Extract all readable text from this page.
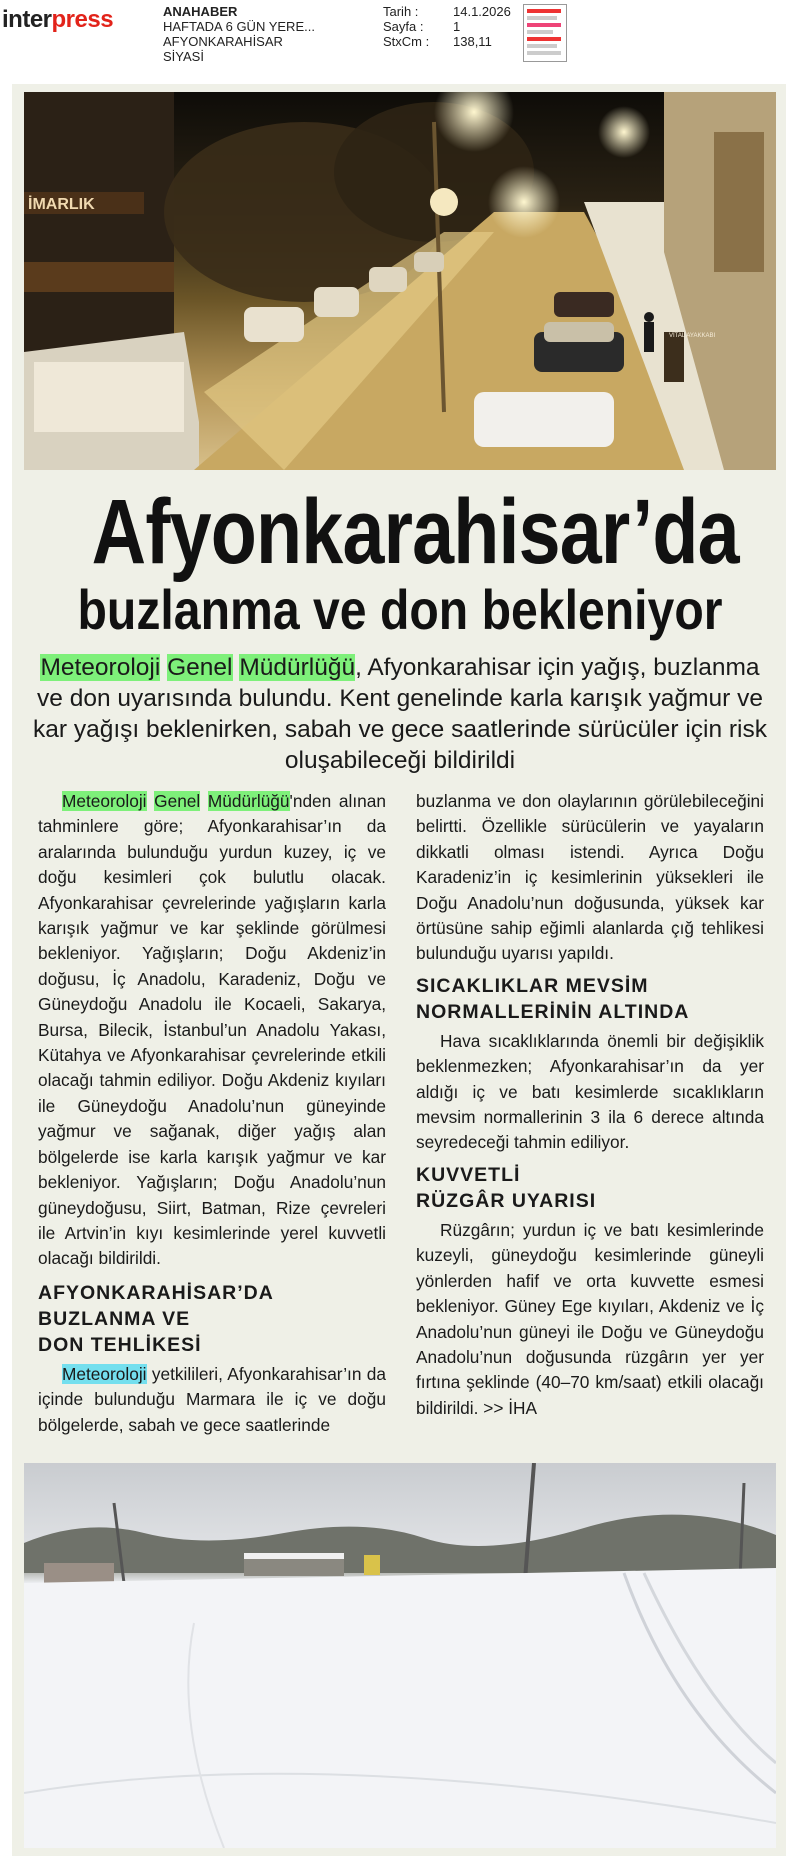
interpress	ANAHABER
HAFTADA 6 GÜN YERE...
AFYONKARAHİSAR
SİYASİ
Tarih :	14.1.2026
Sayfa :	1
StxCm :	138,11
İMARLIK
VİTAL AYAKKABI
Afyonkarahisar’da
buzlanma ve don bekleniyor
Meteoroloji Genel Müdürlüğü, Afyonkarahisar için yağış, buzlanma ve don uyarısında bulundu. Kent genelinde karla karışık yağmur ve kar yağışı beklenirken, sabah ve gece saatlerinde sürücüler için risk oluşabileceği bildirildi

Meteoroloji Genel Müdürlüğü'nden alınan tahminlere göre; Afyonkarahisar’ın da aralarında bulunduğu yurdun kuzey, iç ve doğu kesimleri çok bulutlu olacak. Afyonkarahisar çevrelerinde yağışların karla karışık yağmur ve kar şeklinde görülmesi bekleniyor. Yağışların; Doğu Akdeniz’in doğusu, İç Anadolu, Karadeniz, Doğu ve Güneydoğu Anadolu ile Kocaeli, Sakarya, Bursa, Bilecik, İstanbul’un Anadolu Yakası, Kütahya ve Afyonkarahisar çevrelerinde etkili olacağı tahmin ediliyor. Doğu Akdeniz kıyıları ile Güneydoğu Anadolu’nun güneyinde yağmur ve sağanak, diğer yağış alan bölgelerde ise karla karışık yağmur ve kar bekleniyor. Yağışların; Doğu Anadolu’nun güneydoğusu, Siirt, Batman, Rize çevreleri ile Artvin’in kıyı kesimlerinde yerel kuvvetli olacağı bildirildi.

AFYONKARAHİSAR’DA
BUZLANMA VE
DON TEHLİKESİ

Meteoroloji yetkilileri, Afyonkarahisar’ın da içinde bulunduğu Marmara ile iç ve doğu bölgelerde, sabah ve gece saatlerinde

buzlanma ve don olaylarının görülebileceğini belirtti. Özellikle sürücülerin ve yayaların dikkatli olması istendi. Ayrıca Doğu Karadeniz’in iç kesimlerinin yüksekleri ile Doğu Anadolu’nun doğusunda, yüksek kar örtüsüne sahip eğimli alanlarda çığ tehlikesi bulunduğu uyarısı yapıldı.

SICAKLIKLAR MEVSİM
NORMALLERİNİN ALTINDA

Hava sıcaklıklarında önemli bir değişiklik beklenmezken; Afyonkarahisar’ın da yer aldığı iç ve batı kesimlerde sıcaklıkların mevsim normallerinin 3 ila 6 derece altında seyredeceği tahmin ediliyor.

KUVVETLİ
RÜZGÂR UYARISI

Rüzgârın; yurdun iç ve batı kesimlerinde kuzeyli, güneydoğu kesimlerinde güneyli yönlerden hafif ve orta kuvvette esmesi bekleniyor. Güney Ege kıyıları, Akdeniz ve İç Anadolu’nun güneyi ile Doğu ve Güneydoğu Anadolu’nun doğusunda rüzgârın yer yer fırtına şeklinde (40–70 km/saat) etkili olacağı bildirildi. >> İHA
